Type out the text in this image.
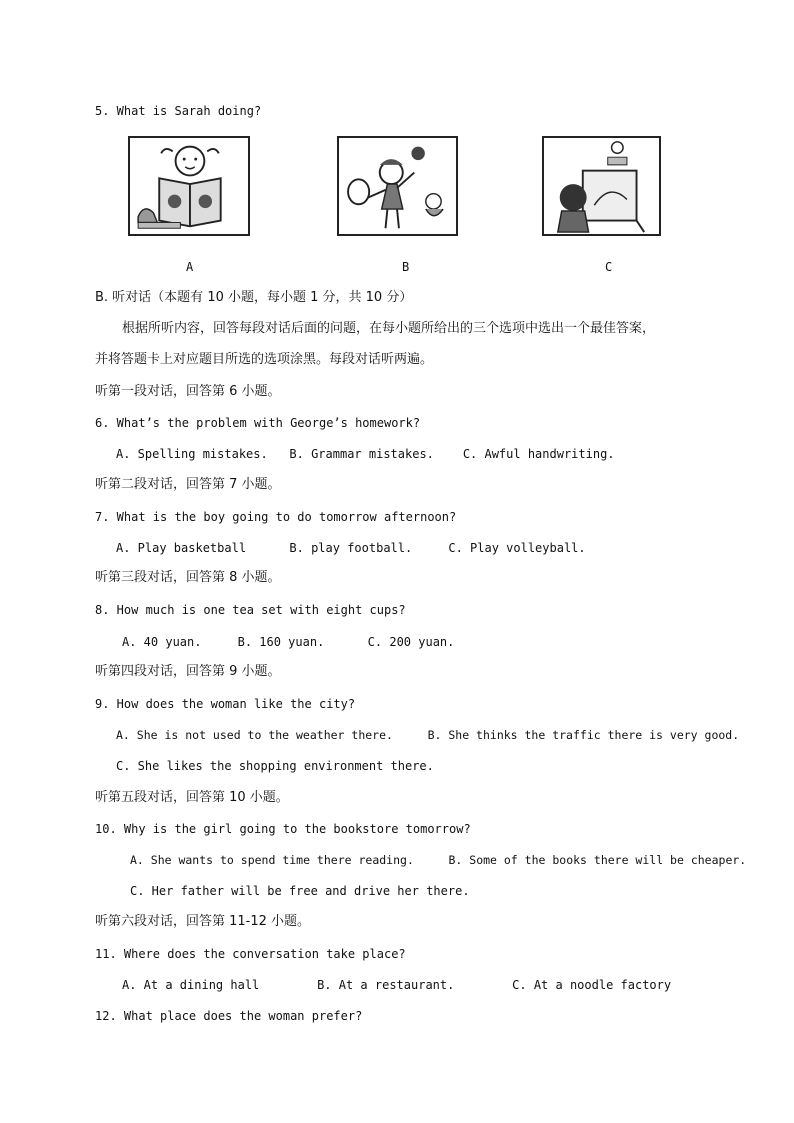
5. What is Sarah doing?
A	B	C
B. 听对话（本题有 10 小题，每小题 1 分，共 10 分）
根据所听内容，回答每段对话后面的问题，在每小题所给出的三个选项中选出一个最佳答案，
并将答题卡上对应题目所选的选项涂黑。每段对话听两遍。
听第一段对话，回答第 6 小题。
6. What’s the problem with George’s homework?
A. Spelling mistakes. B. Grammar mistakes. C. Awful handwriting.
听第二段对话，回答第 7 小题。
7. What is the boy going to do tomorrow afternoon?
A. Play basketball	B. play football.	C. Play volleyball.
听第三段对话，回答第 8 小题。
8. How much is one tea set with eight cups?
A. 40 yuan.	B. 160 yuan.	C. 200 yuan.
听第四段对话，回答第 9 小题。
9. How does the woman like the city?
A. She is not used to the weather there.	B. She thinks the traffic there is very good.
C. She likes the shopping environment there.
听第五段对话，回答第 10 小题。
10. Why is the girl going to the bookstore tomorrow?
A. She wants to spend time there reading.	B. Some of the books there will be cheaper.
C. Her father will be free and drive her there.
听第六段对话，回答第 11-12 小题。
11. Where does the conversation take place?
A. At a dining hall	B. At a restaurant.	C. At a noodle factory
12. What place does the woman prefer?
